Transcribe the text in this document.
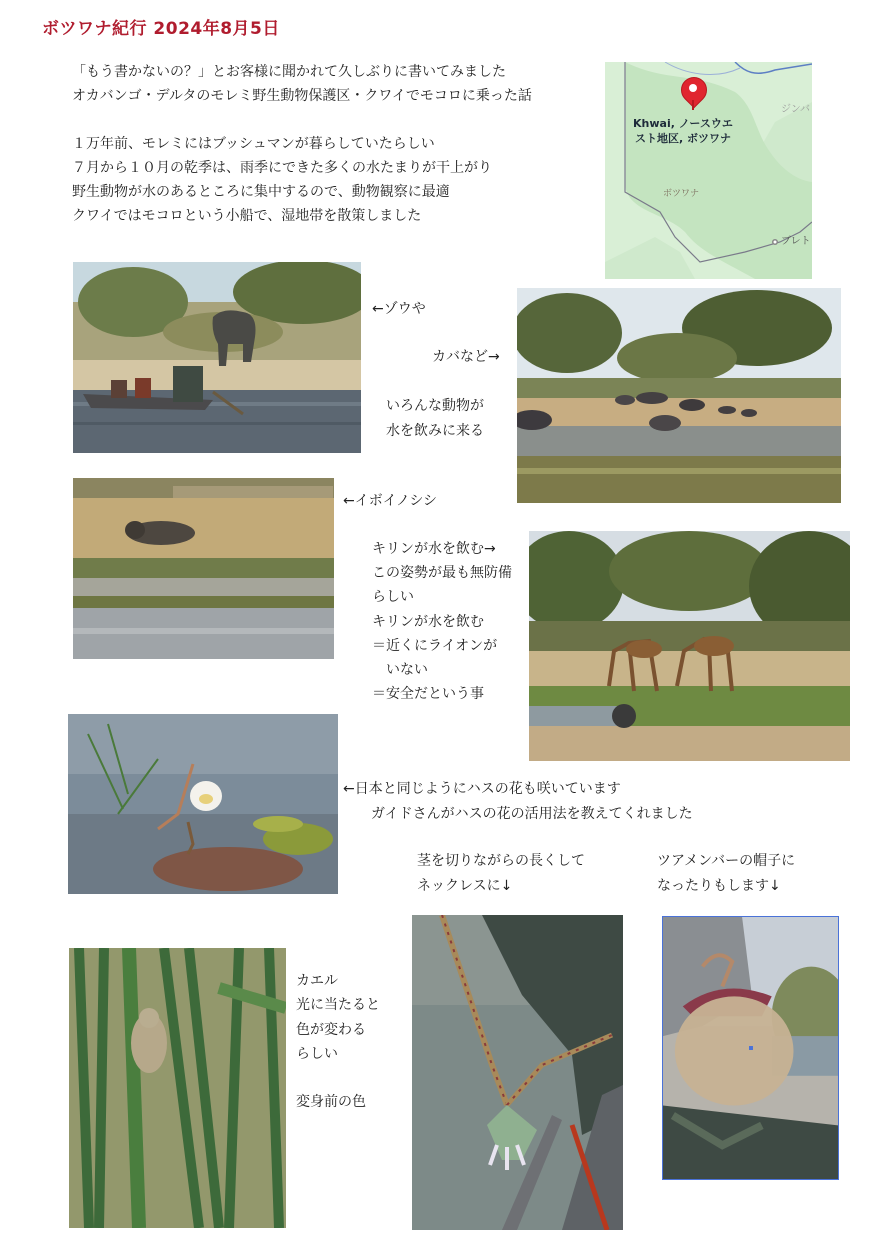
ボツワナ紀行 2024年8月5日
「もう書かないの？」とお客様に聞かれて久しぶりに書いてみました
オカバンゴ・デルタのモレミ野生動物保護区・クワイでモコロに乗った話
１万年前、モレミにはブッシュマンが暮らしていたらしい
７月から１０月の乾季は、雨季にできた多くの水たまりが干上がり
野生動物が水のあるところに集中するので、動物観察に最適
クワイではモコロという小船で、湿地帯を散策しました
Khwai, ノースウエ
スト地区, ボツワナ
ボツワナ
ジンバ
ブレト
←ゾウや
カバなど→
いろんな動物が
水を飲みに来る
←イボイノシシ
キリンが水を飲む→
この姿勢が最も無防備
らしい
キリンが水を飲む
＝近くにライオンが
　いない
＝安全だという事
←日本と同じようにハスの花も咲いています
ガイドさんがハスの花の活用法を教えてくれました
茎を切りながらの長くして
ネックレスに↓
ツアメンバーの帽子に
なったりもします↓
カエル
光に当たると
色が変わる
らしい
変身前の色
